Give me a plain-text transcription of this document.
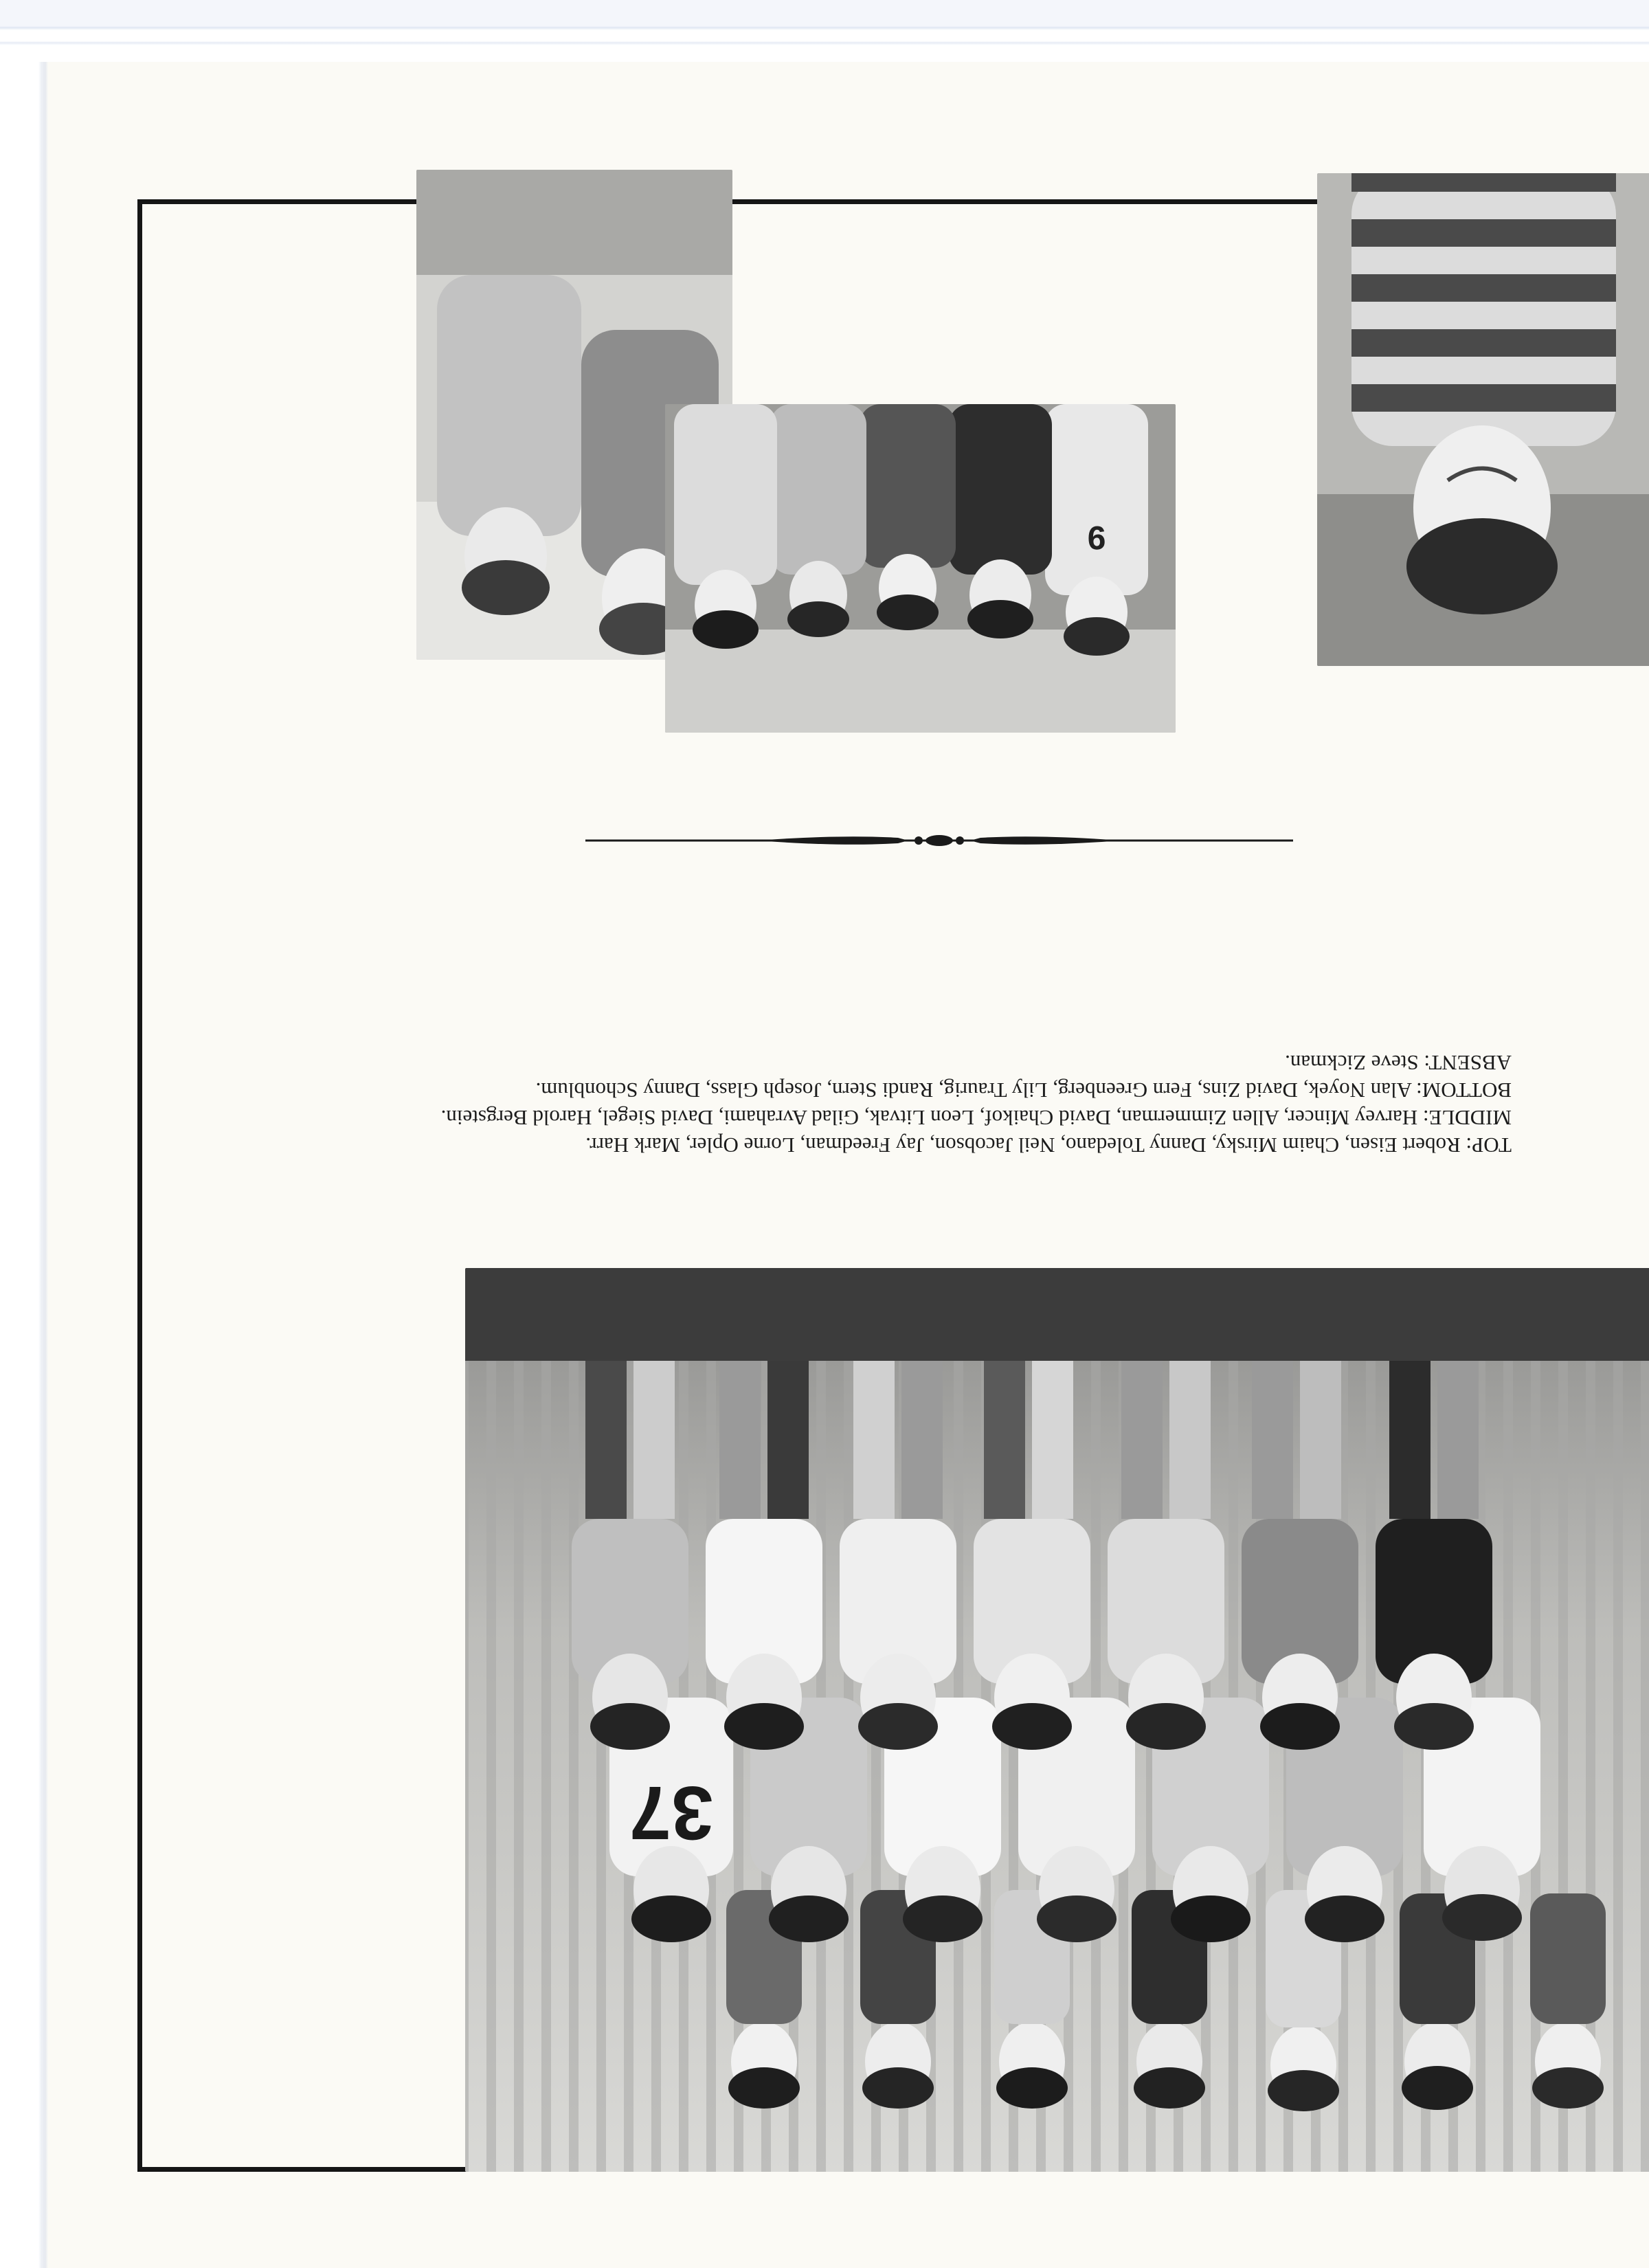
37

TOP: Robert Eisen, Chaim Mirsky, Danny Toledano, Neil Jacobson, Jay Freedman, Lorne Opler, Mark Harr.

MIDDLE: Harvey Mincer, Allen Zimmerman, David Chaikof, Leon Litvak, Gilad Avrahami, David Siegel, Harold Bergstein.

BOTTOM: Alan Noyek, David Zins, Fern Greenberg, Lily Traurig, Randi Stern, Joseph Glass, Danny Schonblum.

ABSENT: Steve Zickman.

9
